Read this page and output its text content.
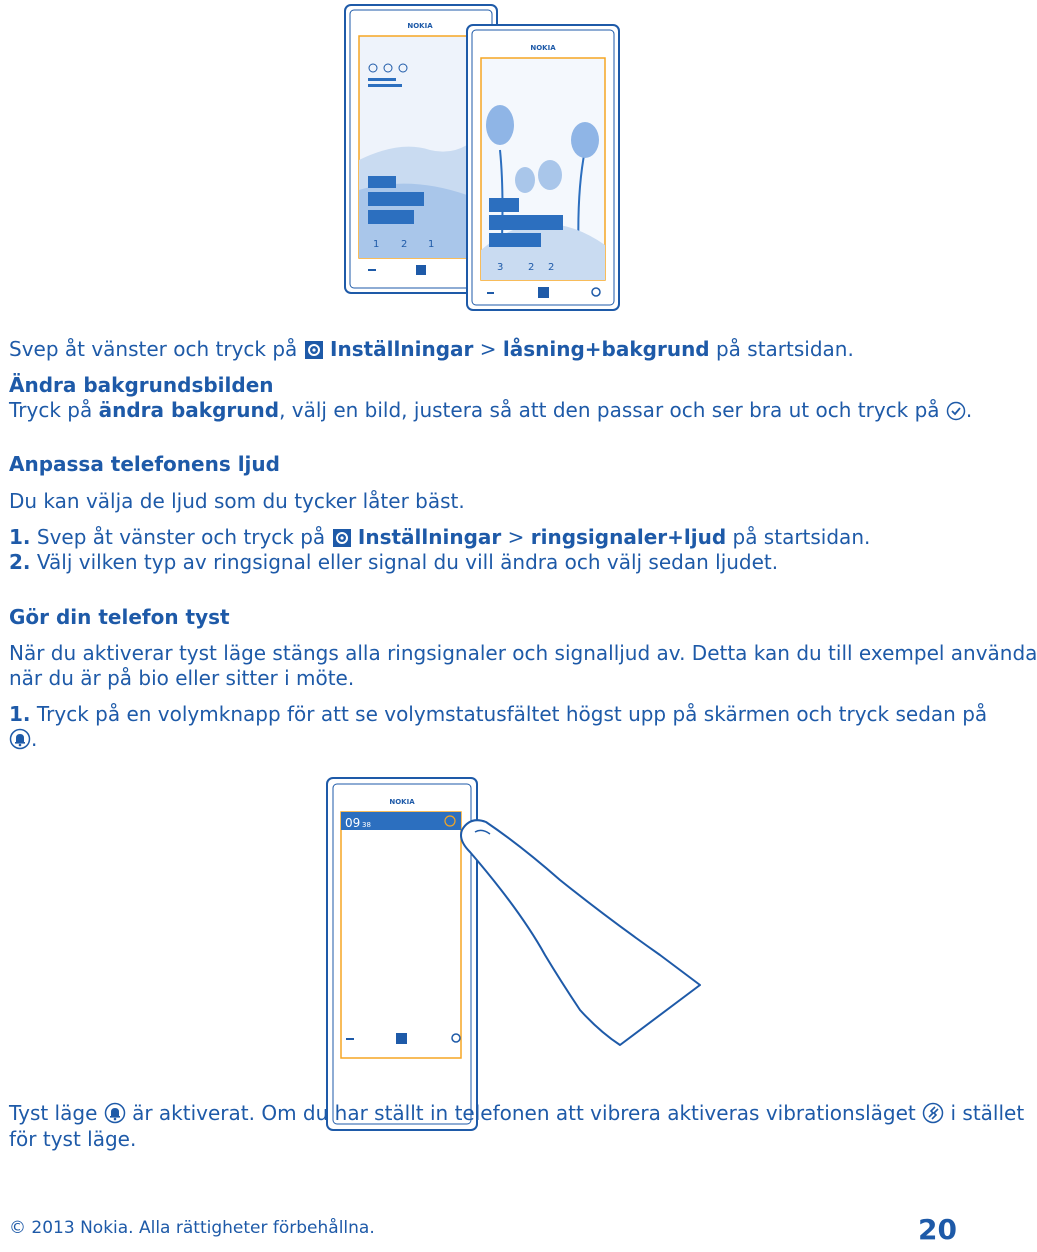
NOKIA
1 2 1
NOKIA
3 2 2
Svep åt vänster och tryck på  Inställningar > låsning+bakgrund på startsidan.
Ändra bakgrundsbilden
Tryck på ändra bakgrund, välj en bild, justera så att den passar och ser bra ut och tryck på .
Anpassa telefonens ljud
Du kan välja de ljud som du tycker låter bäst.
1. Svep åt vänster och tryck på  Inställningar > ringsignaler+ljud på startsidan.
2. Välj vilken typ av ringsignal eller signal du vill ändra och välj sedan ljudet.
Gör din telefon tyst
När du aktiverar tyst läge stängs alla ringsignaler och signalljud av. Detta kan du till exempel använda
när du är på bio eller sitter i möte.
1. Tryck på en volymknapp för att se volymstatusfältet högst upp på skärmen och tryck sedan på
.
NOKIA
09 38
Tyst läge  är aktiverat. Om du har ställt in telefonen att vibrera aktiveras vibrationsläget  i stället
för tyst läge.
© 2013 Nokia. Alla rättigheter förbehållna.	20
